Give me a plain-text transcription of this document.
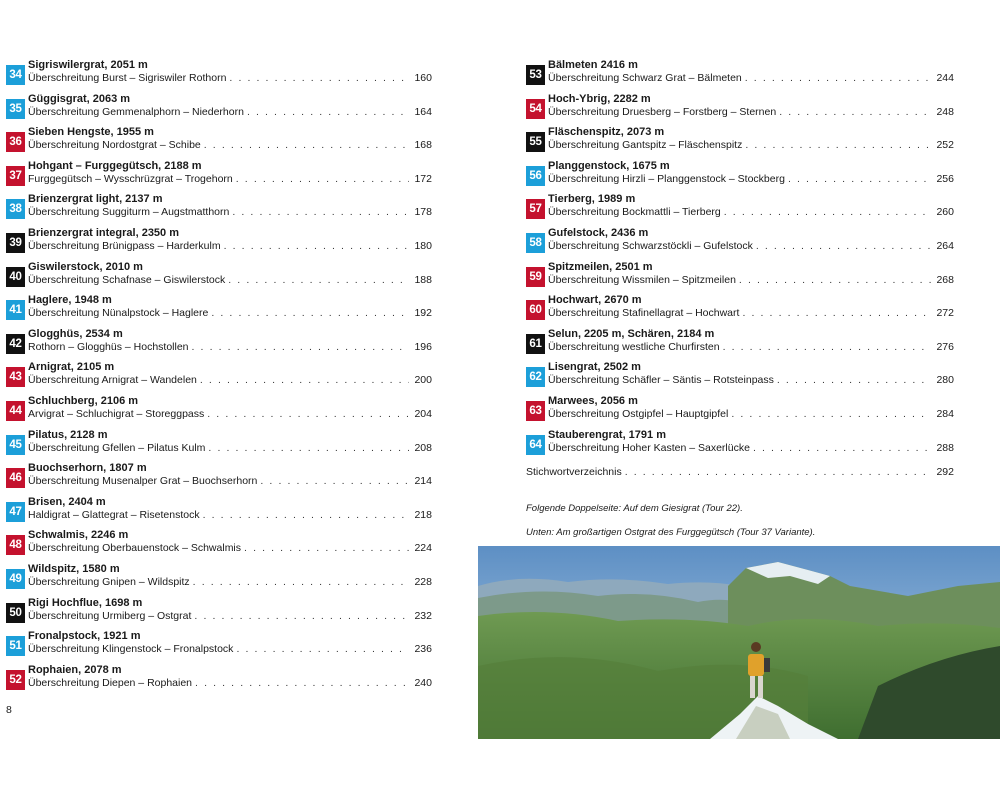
34
Sigriswilergrat, 2051 m
Überschreitung Burst – Sigriswiler Rothorn . . .	160
35
Güggisgrat, 2063 m
Überschreitung Gemmenalphorn – Niederhorn . . .	164
36
Sieben Hengste, 1955 m
Überschreitung Nordostgrat – Schibe . . .	168
37
Hohgant – Furggegütsch, 2188 m
Furggegütsch – Wysschrüzgrat – Trogehorn . . .	172
38
Brienzergrat light, 2137 m
Überschreitung Suggiturm – Augstmatthorn . . .	178
39
Brienzergrat integral, 2350 m
Überschreitung Brünigpass – Harderkulm . . .	180
40
Giswilerstock, 2010 m
Überschreitung Schafnase – Giswilerstock . . .	188
41
Haglere, 1948 m
Überschreitung Nünalpstock – Haglere . . .	192
42
Glogghüs, 2534 m
Rothorn – Glogghüs – Hochstollen . . .	196
43
Arnigrat, 2105 m
Überschreitung Arnigrat – Wandelen . . .	200
44
Schluchberg, 2106 m
Arvigrat – Schluchigrat – Storeggpass . . .	204
45
Pilatus, 2128 m
Überschreitung Gfellen – Pilatus Kulm . . .	208
46
Buochserhorn, 1807 m
Überschreitung Musenalper Grat – Buochserhorn . . .	214
47
Brisen, 2404 m
Haldigrat – Glattegrat – Risetenstock . . .	218
48
Schwalmis, 2246 m
Überschreitung Oberbauenstock – Schwalmis . . .	224
49
Wildspitz, 1580 m
Überschreitung Gnipen – Wildspitz . . .	228
50
Rigi Hochflue, 1698 m
Überschreitung Urmiberg – Ostgrat . . .	232
51
Fronalpstock, 1921 m
Überschreitung Klingenstock – Fronalpstock . . .	236
52
Rophaien, 2078 m
Überschreitung Diepen – Rophaien . . .	240
53
Bälmeten 2416 m
Überschreitung Schwarz Grat – Bälmeten . . .	244
54
Hoch-Ybrig, 2282 m
Überschreitung Druesberg – Forstberg – Sternen . . .	248
55
Fläschenspitz, 2073 m
Überschreitung Gantspitz – Fläschenspitz . . .	252
56
Planggenstock, 1675 m
Überschreitung Hirzli – Planggenstock – Stockberg . . .	256
57
Tierberg, 1989 m
Überschreitung Bockmattli – Tierberg . . .	260
58
Gufelstock, 2436 m
Überschreitung Schwarzstöckli – Gufelstock . . .	264
59
Spitzmeilen, 2501 m
Überschreitung Wissmilen – Spitzmeilen . . .	268
60
Hochwart, 2670 m
Überschreitung Stafinellagrat – Hochwart . . .	272
61
Selun, 2205 m, Schären, 2184 m
Überschreitung westliche Churfirsten . . .	276
62
Lisengrat, 2502 m
Überschreitung Schäfler – Säntis – Rotsteinpass . . .	280
63
Marwees, 2056 m
Überschreitung Ostgipfel – Hauptgipfel . . .	284
64
Stauberengrat, 1791 m
Überschreitung Hoher Kasten – Saxerlücke . . .	288
Stichwortverzeichnis . . .	292

Folgende Doppelseite: Auf dem Giesigrat (Tour 22).

Unten: Am großartigen Ostgrat des Furggegütsch (Tour 37 Variante).

8
